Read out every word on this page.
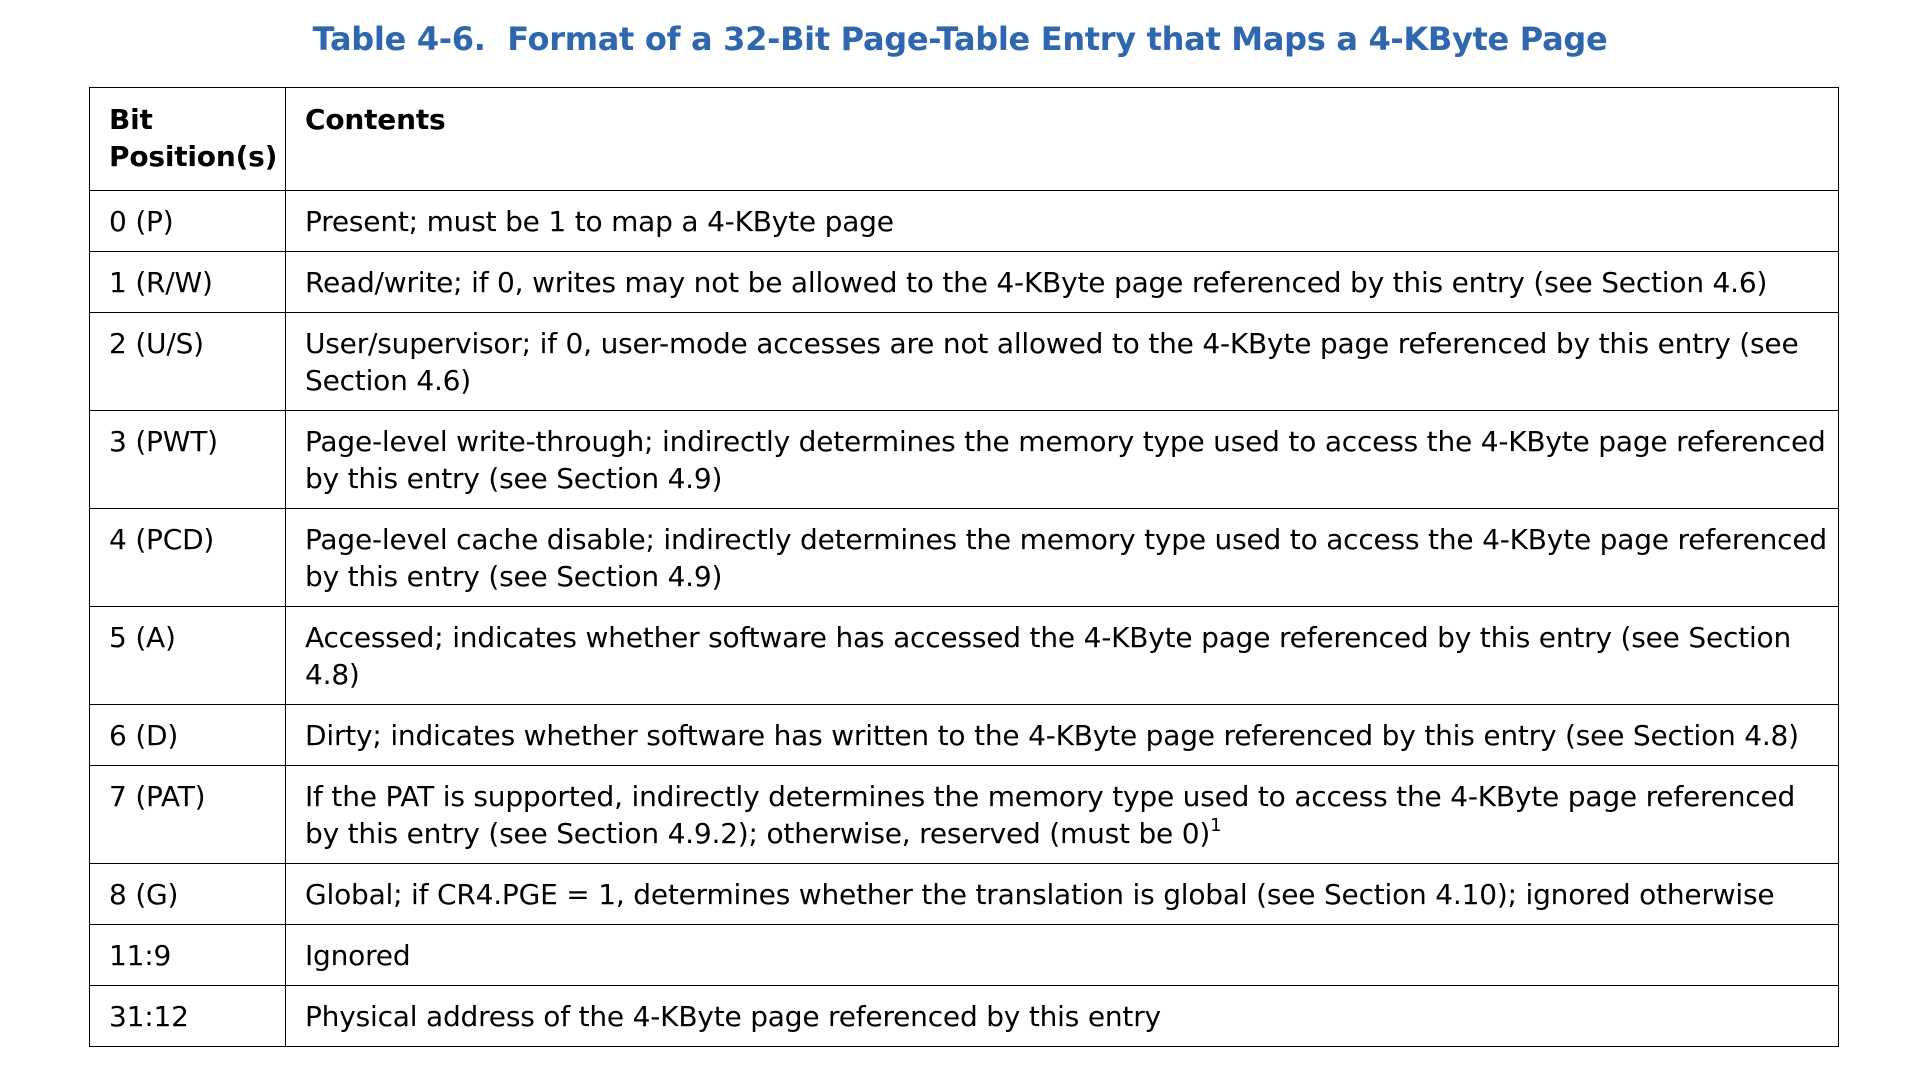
Table 4-6.  Format of a 32-Bit Page-Table Entry that Maps a 4-KByte Page
Bit
Position(s)	Contents
0 (P)	Present; must be 1 to map a 4-KByte page
1 (R/W)	Read/write; if 0, writes may not be allowed to the 4-KByte page referenced by this entry (see Section 4.6)
2 (U/S)	User/supervisor; if 0, user-mode accesses are not allowed to the 4-KByte page referenced by this entry (see Section 4.6)
3 (PWT)	Page-level write-through; indirectly determines the memory type used to access the 4-KByte page referenced by this entry (see Section 4.9)
4 (PCD)	Page-level cache disable; indirectly determines the memory type used to access the 4-KByte page referenced by this entry (see Section 4.9)
5 (A)	Accessed; indicates whether software has accessed the 4-KByte page referenced by this entry (see Section 4.8)
6 (D)	Dirty; indicates whether software has written to the 4-KByte page referenced by this entry (see Section 4.8)
7 (PAT)	If the PAT is supported, indirectly determines the memory type used to access the 4-KByte page referenced by this entry (see Section 4.9.2); otherwise, reserved (must be 0)$^1$
8 (G)	Global; if CR4.PGE = 1, determines whether the translation is global (see Section 4.10); ignored otherwise
11:9	Ignored
31:12	Physical address of the 4-KByte page referenced by this entry
